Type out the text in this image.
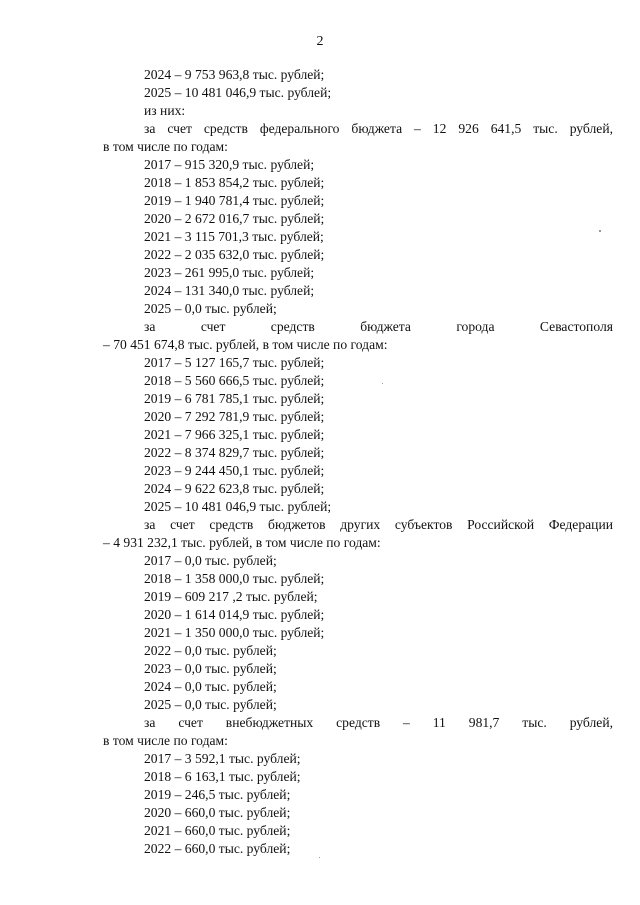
2
2024 – 9 753 963,8 тыс. рублей;
2025 – 10 481 046,9 тыс. рублей;
из них:
за счет средств федерального бюджета – 12 926 641,5 тыс. рублей,
в том числе по годам:
2017 – 915 320,9 тыс. рублей;
2018 – 1 853 854,2 тыс. рублей;
2019 – 1 940 781,4 тыс. рублей;
2020 – 2 672 016,7 тыс. рублей;
2021 – 3 115 701,3 тыс. рублей;
2022 – 2 035 632,0 тыс. рублей;
2023 – 261 995,0 тыс. рублей;
2024 – 131 340,0 тыс. рублей;
2025 – 0,0 тыс. рублей;
за счет средств бюджета города Севастополя
– 70 451 674,8 тыс. рублей, в том числе по годам:
2017 – 5 127 165,7 тыс. рублей;
2018 – 5 560 666,5 тыс. рублей;
2019 – 6 781 785,1 тыс. рублей;
2020 – 7 292 781,9 тыс. рублей;
2021 – 7 966 325,1 тыс. рублей;
2022 – 8 374 829,7 тыс. рублей;
2023 – 9 244 450,1 тыс. рублей;
2024 – 9 622 623,8 тыс. рублей;
2025 – 10 481 046,9 тыс. рублей;
за счет средств бюджетов других субъектов Российской Федерации
– 4 931 232,1 тыс. рублей, в том числе по годам:
2017 – 0,0 тыс. рублей;
2018 – 1 358 000,0 тыс. рублей;
2019 – 609 217 ,2 тыс. рублей;
2020 – 1 614 014,9 тыс. рублей;
2021 – 1 350 000,0 тыс. рублей;
2022 – 0,0 тыс. рублей;
2023 – 0,0 тыс. рублей;
2024 – 0,0 тыс. рублей;
2025 – 0,0 тыс. рублей;
за счет внебюджетных средств – 11 981,7 тыс. рублей,
в том числе по годам:
2017 – 3 592,1 тыс. рублей;
2018 – 6 163,1 тыс. рублей;
2019 – 246,5 тыс. рублей;
2020 – 660,0 тыс. рублей;
2021 – 660,0 тыс. рублей;
2022 – 660,0 тыс. рублей;
